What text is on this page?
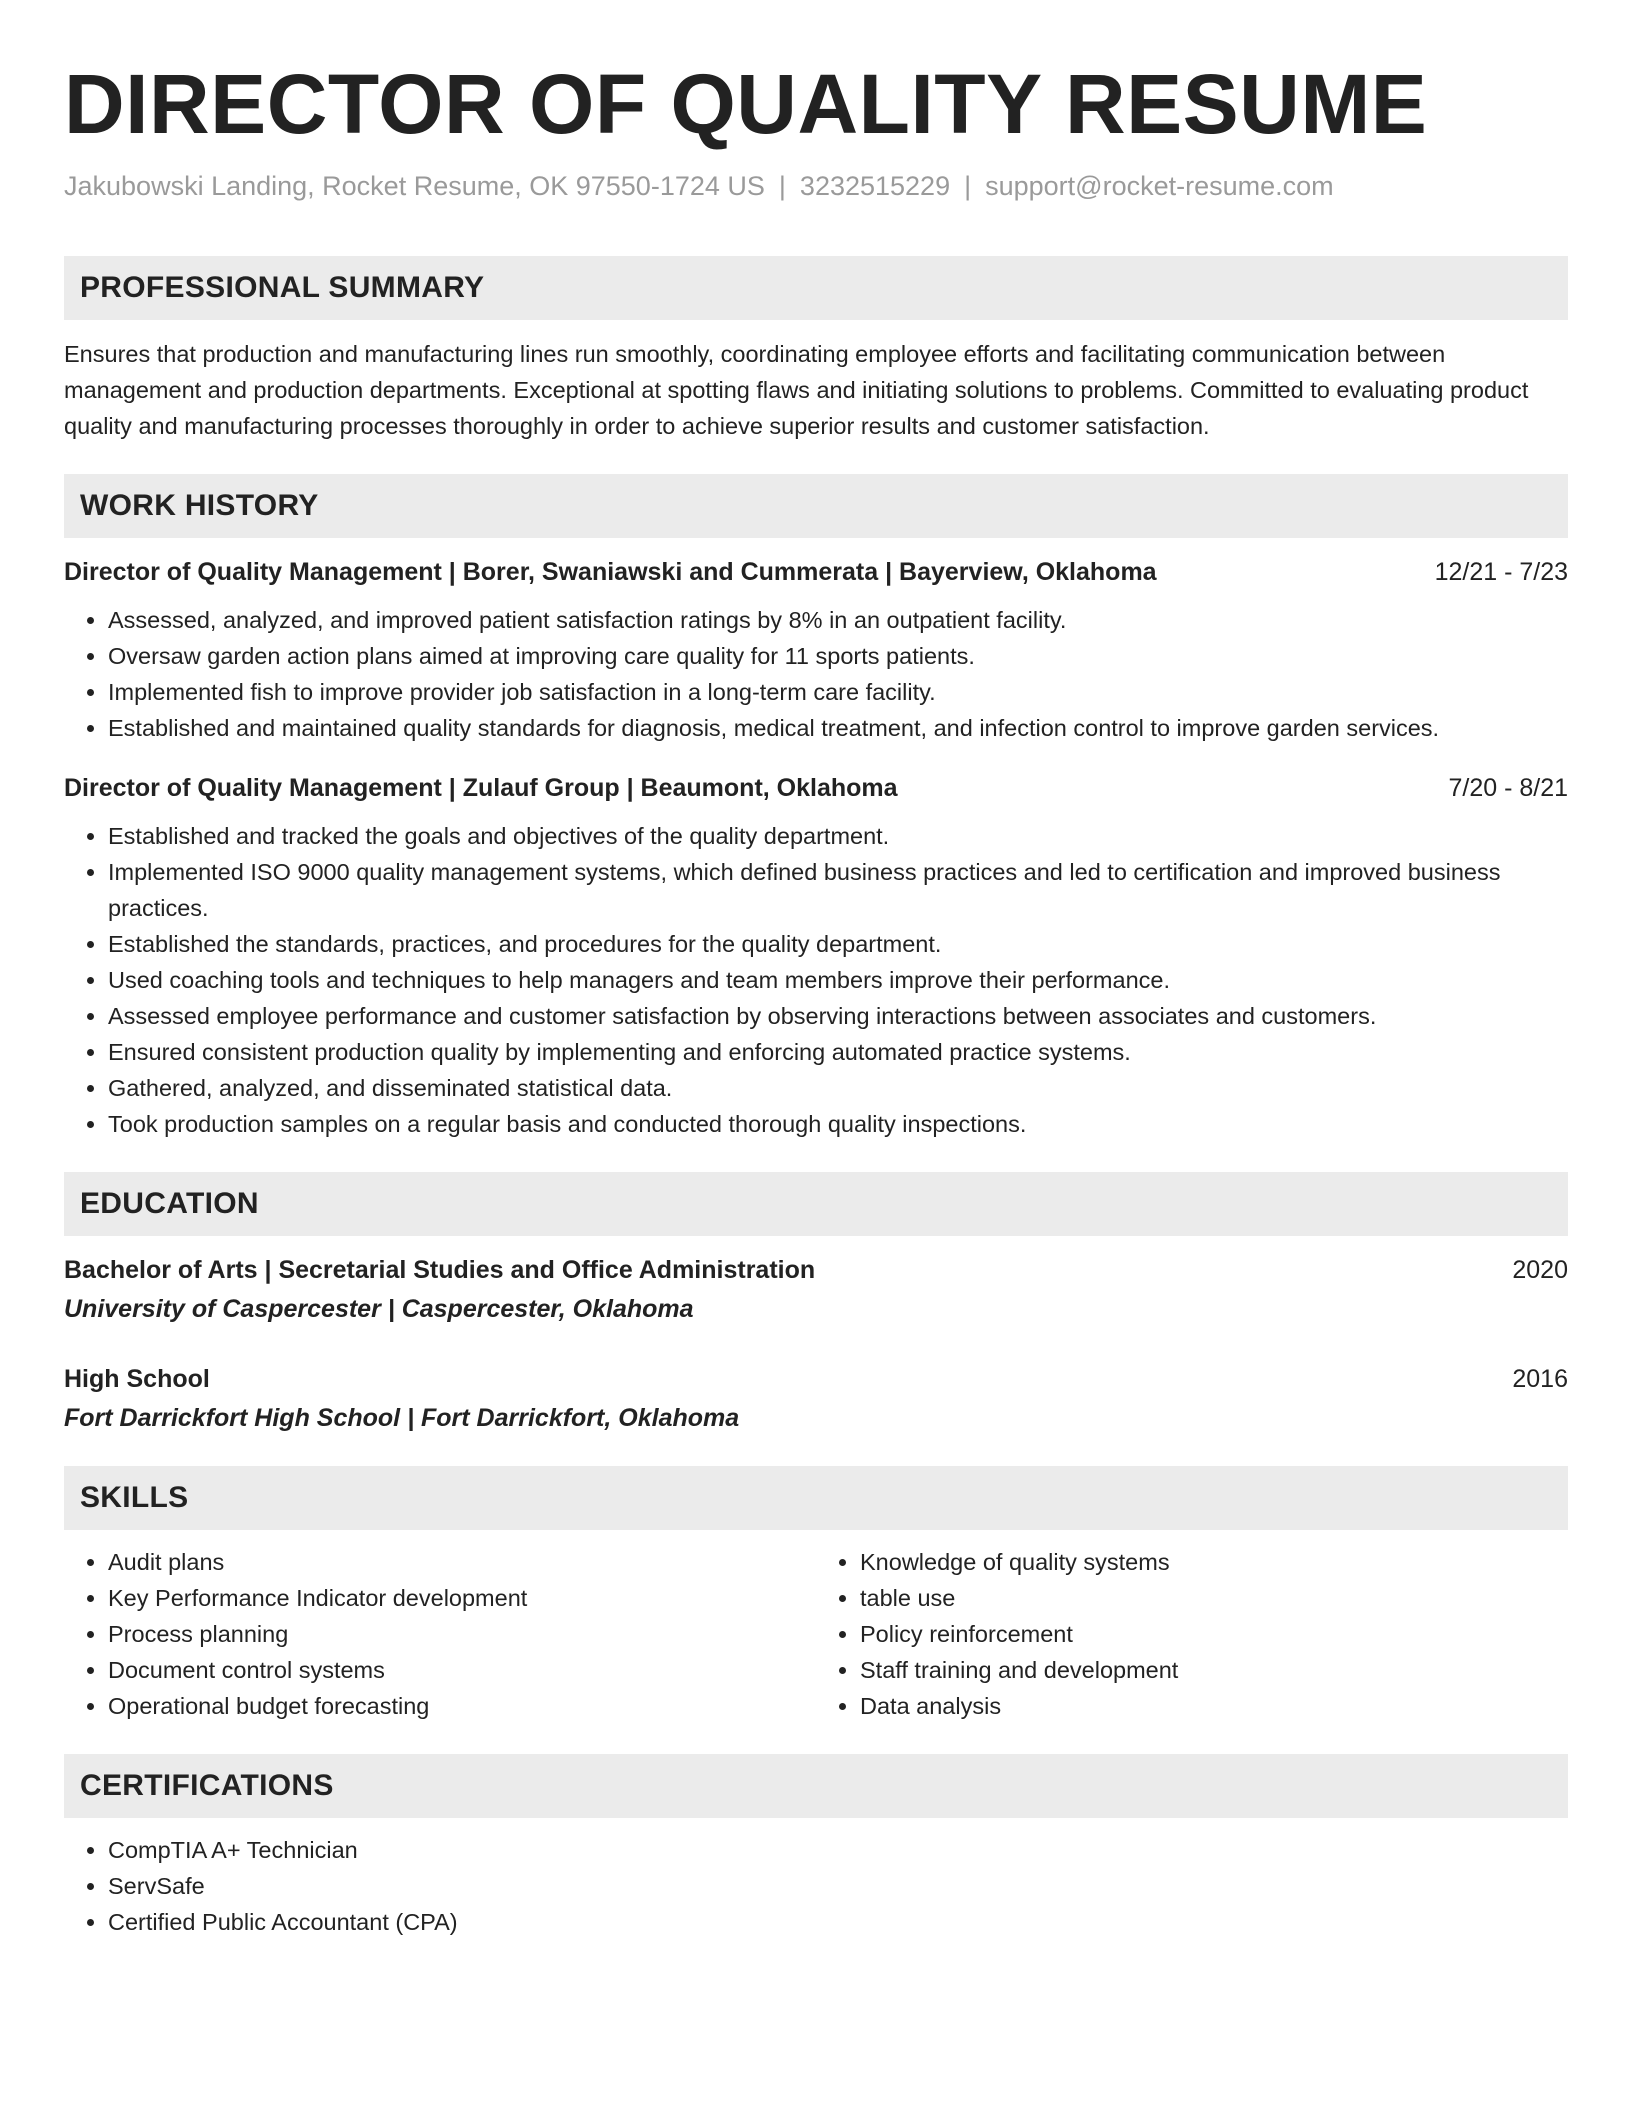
DIRECTOR OF QUALITY RESUME
Jakubowski Landing, Rocket Resume, OK 97550-1724 US | 3232515229 | support@rocket-resume.com
PROFESSIONAL SUMMARY
Ensures that production and manufacturing lines run smoothly, coordinating employee efforts and facilitating communication between management and production departments. Exceptional at spotting flaws and initiating solutions to problems. Committed to evaluating product quality and manufacturing processes thoroughly in order to achieve superior results and customer satisfaction.
WORK HISTORY
Director of Quality Management | Borer, Swaniawski and Cummerata | Bayerview, Oklahoma	12/21 - 7/23
• Assessed, analyzed, and improved patient satisfaction ratings by 8% in an outpatient facility.
• Oversaw garden action plans aimed at improving care quality for 11 sports patients.
• Implemented fish to improve provider job satisfaction in a long-term care facility.
• Established and maintained quality standards for diagnosis, medical treatment, and infection control to improve garden services.
Director of Quality Management | Zulauf Group | Beaumont, Oklahoma	7/20 - 8/21
• Established and tracked the goals and objectives of the quality department.
• Implemented ISO 9000 quality management systems, which defined business practices and led to certification and improved business practices.
• Established the standards, practices, and procedures for the quality department.
• Used coaching tools and techniques to help managers and team members improve their performance.
• Assessed employee performance and customer satisfaction by observing interactions between associates and customers.
• Ensured consistent production quality by implementing and enforcing automated practice systems.
• Gathered, analyzed, and disseminated statistical data.
• Took production samples on a regular basis and conducted thorough quality inspections.
EDUCATION
Bachelor of Arts | Secretarial Studies and Office Administration	2020
University of Caspercester | Caspercester, Oklahoma
High School	2016
Fort Darrickfort High School | Fort Darrickfort, Oklahoma
SKILLS
• Audit plans
• Key Performance Indicator development
• Process planning
• Document control systems
• Operational budget forecasting
• Knowledge of quality systems
• table use
• Policy reinforcement
• Staff training and development
• Data analysis
CERTIFICATIONS
• CompTIA A+ Technician
• ServSafe
• Certified Public Accountant (CPA)
